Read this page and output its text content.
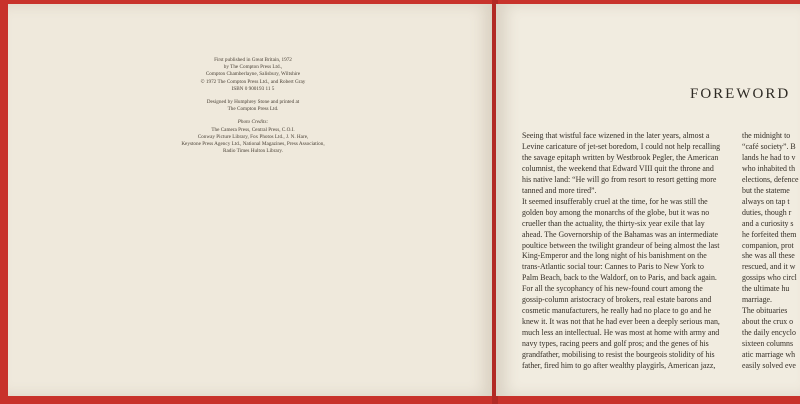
First published in Great Britain, 1972
by The Compton Press Ltd.,
Compton Chamberlayne, Salisbury, Wiltshire
© 1972 The Compton Press Ltd., and Robert Gray
ISBN 0 900193 11 5
Designed by Humphrey Stone and printed at
The Compton Press Ltd.
Photo Credits:
The Camera Press, Central Press, C.O.I.
Conway Picture Library, Fox Photos Ltd., J. N. Hare,
Keystone Press Agency Ltd., National Magazines, Press Association,
Radio Times Hulton Library.
FOREWORD
Seeing that wistful face wizened in the later years, almost a
Levine caricature of jet-set boredom, I could not help recalling
the savage epitaph written by Westbrook Pegler, the American
columnist, the weekend that Edward VIII quit the throne and
his native land: “He will go from resort to resort getting more
tanned and more tired”.
It seemed insufferably cruel at the time, for he was still the
golden boy among the monarchs of the globe, but it was no
crueller than the actuality, the thirty-six year exile that lay
ahead. The Governorship of the Bahamas was an intermediate
poultice between the twilight grandeur of being almost the last
King-Emperor and the long night of his banishment on the
trans-Atlantic social tour: Cannes to Paris to New York to
Palm Beach, back to the Waldorf, on to Paris, and back again.
For all the sycophancy of his new-found court among the
gossip-column aristocracy of brokers, real estate barons and
cosmetic manufacturers, he really had no place to go and he
knew it. It was not that he had ever been a deeply serious man,
much less an intellectual. He was most at home with army and
navy types, racing peers and golf pros; and the genes of his
grandfather, mobilising to resist the bourgeois stolidity of his
father, fired him to go after wealthy playgirls, American jazz,
the midnight to
“café society”. B
lands he had to v
who inhabited th
elections, defence
but the stateme
always on tap t
duties, though r
and a curiosity s
he forfeited them
companion, prot
she was all these
rescued, and it w
gossips who circl
the ultimate hu
marriage.
The obituaries
about the crux o
the daily encyclo
sixteen columns
atic marriage wh
easily solved eve
